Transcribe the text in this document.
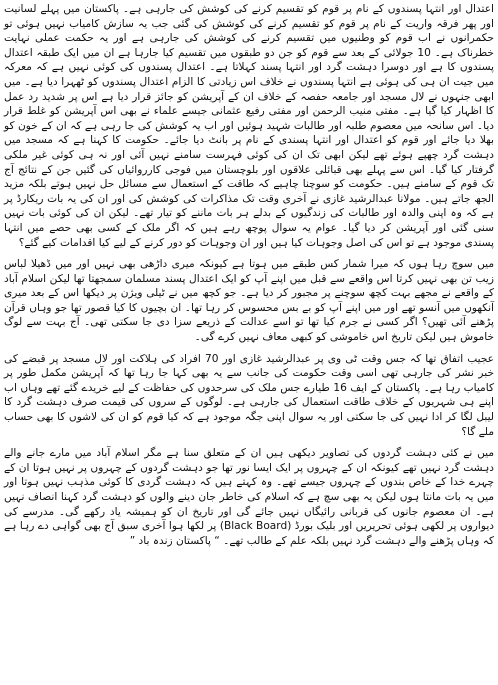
اعتدال اور انتہا پسندوں کے نام پر قوم کو تقسیم کرنے کی کوشش کی جارہی ہے۔ پاکستان میں پہلے لسانیت اور پھر فرقہ واریت کے نام پر قوم کو تقسیم کرنے کی کوشش کی گئی جب یہ سازش کامیاب نہیں ہوئی تو حکمرانوں نے اب قوم کو وطنیوں میں تقسیم کرنے کی کوشش کی جارہی ہے اور یہ حکمت عملی نہایت خطرناک ہے۔ 10 جولائی کے بعد سے قوم کو جن دو طبقوں میں تقسیم کیا جارہا ہے ان میں ایک طبقہ اعتدال پسندوں کا ہے اور دوسرا دہشت گرد اور انتہا پسند کہلاتا ہے۔ اعتدال پسندوں کی کوئی نہیں ہے کہ معرکہ میں جیت ان ہی کی ہوئی ہے انتہا پسندوں نے خلاف اس زیادتی کا الزام اعتدال پسندوں کو ٹھہرا دیا ہے۔ میں ابھی جنہوں نے لال مسجد اور جامعہ حفصہ کے خلاف ان کے آپریشن کو جائز قرار دیا ہے اس پر شدید رد عمل کا اظہار کیا گیا ہے۔ مفتی منیب الرحمن اور مفتی رفیع عثمانی جیسے علماء نے بھی اس آپریشن کو غلط قرار دیا۔ اس سانحہ میں معصوم طلبہ اور طالبات شہید ہوئیں اور اب یہ کوشش کی جا رہی ہے کہ ان کے خون کو بھلا دیا جائے اور قوم کو اعتدال اور انتہا پسندی کے نام پر بانٹ دیا جائے۔ حکومت کا کہنا ہے کہ مسجد میں دہشت گرد چھپے ہوئے تھے لیکن ابھی تک ان کی کوئی فہرست سامنے نہیں آئی اور نہ ہی کوئی غیر ملکی گرفتار کیا گیا۔ اس سے پہلے بھی قبائلی علاقوں اور بلوچستان میں فوجی کارروائیاں کی گئیں جن کے نتائج آج تک قوم کے سامنے ہیں۔ حکومت کو سوچنا چاہیے کہ طاقت کے استعمال سے مسائل حل نہیں ہوتے بلکہ مزید الجھ جاتے ہیں۔ مولانا عبدالرشید غازی نے آخری وقت تک مذاکرات کی کوشش کی اور ان کی یہ بات ریکارڈ پر ہے کہ وہ اپنی والدہ اور طالبات کی زندگیوں کے بدلے ہر بات ماننے کو تیار تھے۔ لیکن ان کی کوئی بات نہیں سنی گئی اور آپریشن کر دیا گیا۔ عوام یہ سوال پوچھ رہے ہیں کہ اگر ملک کے کسی بھی حصے میں انتہا پسندی موجود ہے تو اس کی اصل وجوہات کیا ہیں اور ان وجوہات کو دور کرنے کے لیے کیا اقدامات کیے گئے؟

میں سوچ رہا ہوں کہ میرا شمار کس طبقے میں ہوتا ہے کیونکہ میری داڑھی بھی نہیں اور میں ڈھیلا لباس زیب تن بھی نہیں کرتا اس واقعے سے قبل میں اپنے آپ کو ایک اعتدال پسند مسلمان سمجھتا تھا لیکن اسلام آباد کے واقعے نے مجھے بہت کچھ سوچنے پر مجبور کر دیا ہے۔ جو کچھ میں نے ٹیلی ویژن پر دیکھا اس کے بعد میری آنکھوں میں آنسو تھے اور میں اپنے آپ کو بے بس محسوس کر رہا تھا۔ ان بچیوں کا کیا قصور تھا جو وہاں قرآن پڑھنے آئی تھیں؟ اگر کسی نے جرم کیا تھا تو اسے عدالت کے ذریعے سزا دی جا سکتی تھی۔ آج بہت سے لوگ خاموش ہیں لیکن تاریخ اس خاموشی کو کبھی معاف نہیں کرے گی۔

عجیب اتفاق تھا کہ جس وقت ٹی وی پر عبدالرشید غازی اور 70 افراد کی ہلاکت اور لال مسجد پر قبضے کی خبر نشر کی جارہی تھی اسی وقت حکومت کی جانب سے یہ بھی کہا جا رہا تھا کہ آپریشن مکمل طور پر کامیاب رہا ہے۔ پاکستان کے ایف 16 طیارے جس ملک کی سرحدوں کی حفاظت کے لیے خریدے گئے تھے وہاں اب اپنے ہی شہریوں کے خلاف طاقت استعمال کی جارہی ہے۔ لوگوں کے سروں کی قیمت صرف دہشت گرد کا لیبل لگا کر ادا نہیں کی جا سکتی اور یہ سوال اپنی جگہ موجود ہے کہ کیا قوم کو ان کی لاشوں کا بھی حساب ملے گا؟

میں نے کئی دہشت گردوں کی تصاویر دیکھی ہیں ان کے متعلق سنا ہے مگر اسلام آباد میں مارے جانے والے دہشت گرد نہیں تھے کیونکہ ان کے چہروں پر ایک ایسا نور تھا جو دہشت گردوں کے چہروں پر نہیں ہوتا ان کے چہرے خدا کے خاص بندوں کے چہروں جیسے تھے۔ وہ کہتے ہیں کہ دہشت گردی کا کوئی مذہب نہیں ہوتا اور میں یہ بات مانتا ہوں لیکن یہ بھی سچ ہے کہ اسلام کی خاطر جان دینے والوں کو دہشت گرد کہنا انصاف نہیں ہے۔ ان معصوم جانوں کی قربانی رائیگاں نہیں جائے گی اور تاریخ ان کو ہمیشہ یاد رکھے گی۔ مدرسے کی دیواروں پر لکھی ہوئی تحریریں اور بلیک بورڈ (Black Board) پر لکھا ہوا آخری سبق آج بھی گواہی دے رہا ہے کہ وہاں پڑھنے والے دہشت گرد نہیں بلکہ علم کے طالب تھے۔ “ پاکستان زندہ باد ”
